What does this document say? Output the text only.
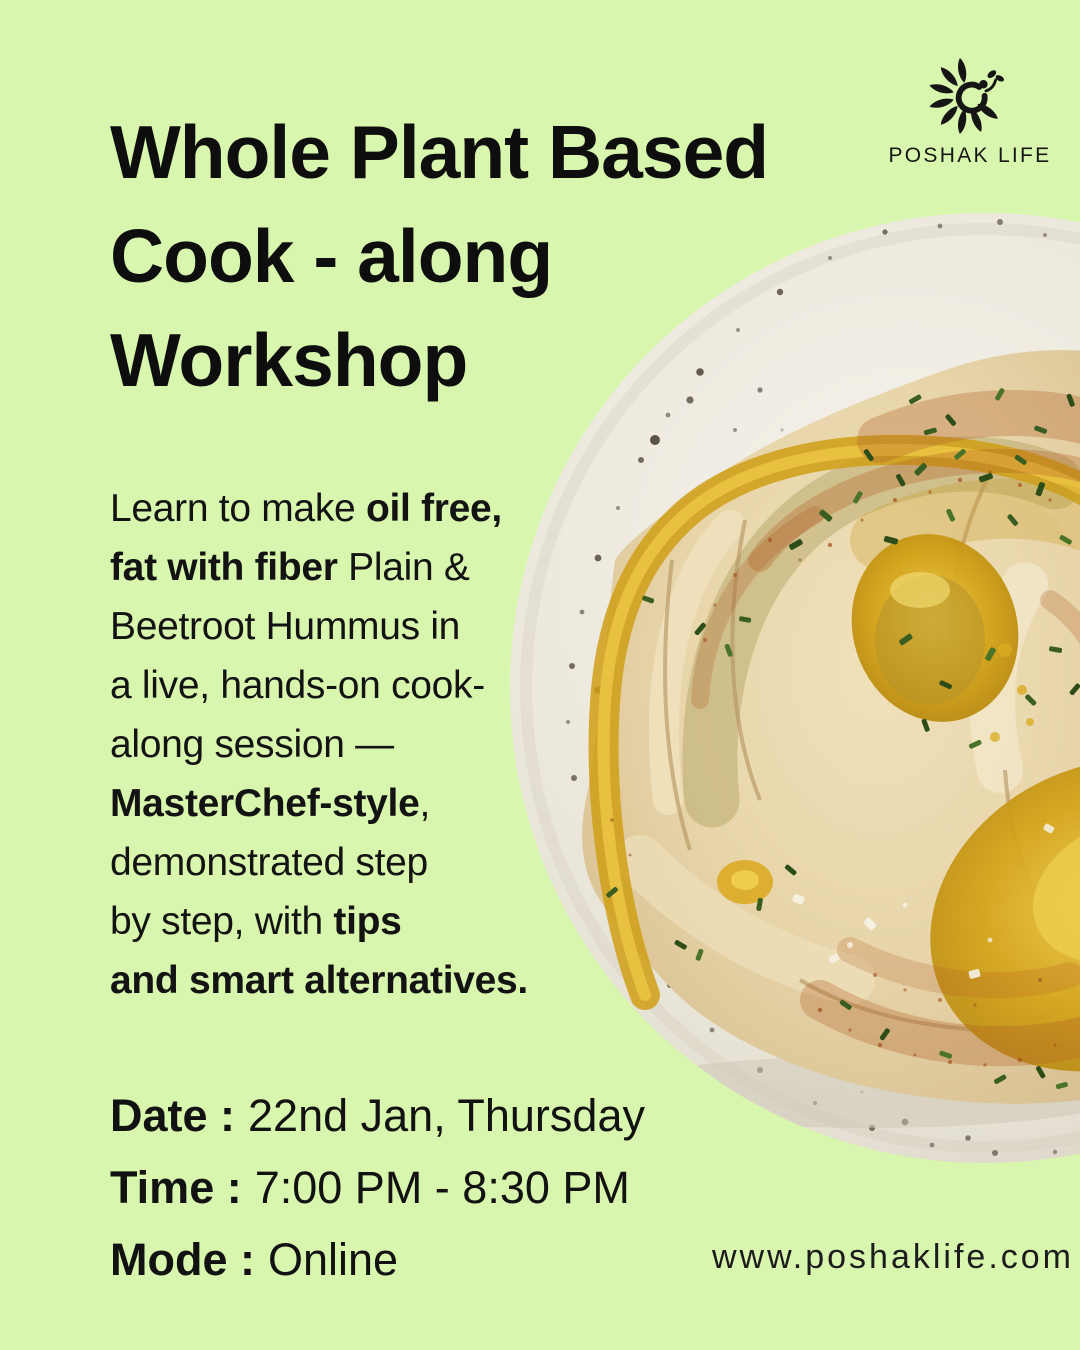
POSHAK LIFE
Whole Plant Based
Cook - along
Workshop
Learn to make oil free,
fat with fiber Plain &
Beetroot Hummus in
a live, hands-on cook-
along session —
MasterChef-style,
demonstrated step
by step, with tips
and smart alternatives.
Date : 22nd Jan, Thursday
Time : 7:00 PM - 8:30 PM
Mode : Online	www.poshaklife.com
